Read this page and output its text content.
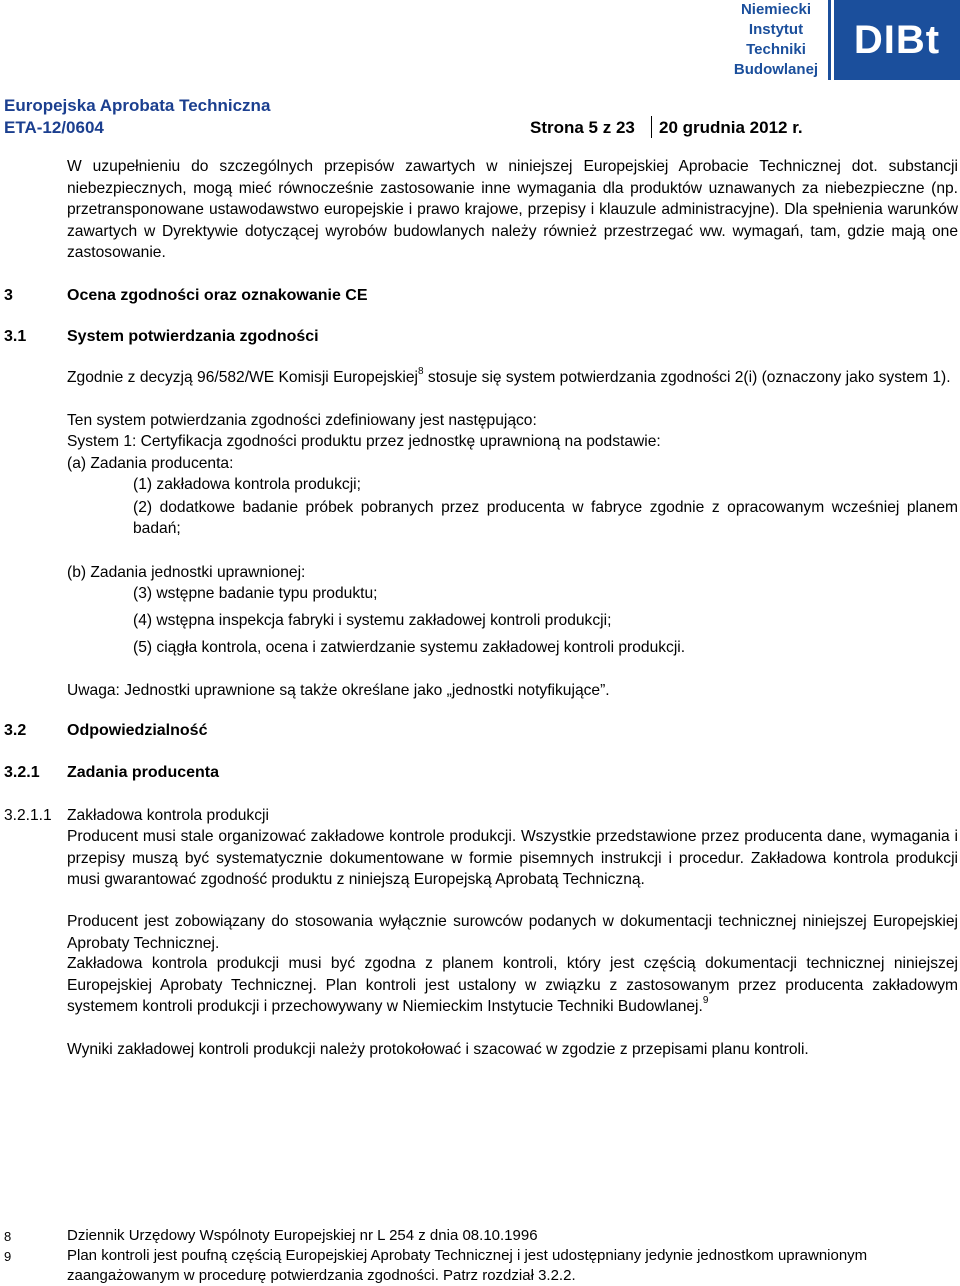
Niemiecki
Instytut
Techniki
Budowlanej
DIBt
Europejska Aprobata Techniczna
ETA-12/0604	Strona 5 z 23 20 grudnia 2012 r.
W uzupełnieniu do szczególnych przepisów zawartych w niniejszej Europejskiej Aprobacie Technicznej dot. substancji niebezpiecznych, mogą mieć równocześnie zastosowanie inne wymagania dla produktów uznawanych za niebezpieczne (np. przetransponowane ustawodawstwo europejskie i prawo krajowe, przepisy i klauzule administracyjne). Dla spełnienia warunków zawartych w Dyrektywie dotyczącej wyrobów budowlanych należy również przestrzegać ww. wymagań, tam, gdzie mają one zastosowanie.
3	Ocena zgodności oraz oznakowanie CE
3.1	System potwierdzania zgodności
Zgodnie z decyzją 96/582/WE Komisji Europejskiej$^8$ stosuje się system potwierdzania zgodności 2(i) (oznaczony jako system 1).
Ten system potwierdzania zgodności zdefiniowany jest następująco:
System 1: Certyfikacja zgodności produktu przez jednostkę uprawnioną na podstawie:
(a) Zadania producenta:
(1) zakładowa kontrola produkcji;
(2) dodatkowe badanie próbek pobranych przez producenta w fabryce zgodnie z opracowanym wcześniej planem badań;
(b) Zadania jednostki uprawnionej:
(3) wstępne badanie typu produktu;
(4) wstępna inspekcja fabryki i systemu zakładowej kontroli produkcji;
(5) ciągła kontrola, ocena i zatwierdzanie systemu zakładowej kontroli produkcji.
Uwaga: Jednostki uprawnione są także określane jako „jednostki notyfikujące”.
3.2	Odpowiedzialność
3.2.1 Zadania producenta
3.2.1.1 Zakładowa kontrola produkcji
Producent musi stale organizować zakładowe kontrole produkcji. Wszystkie przedstawione przez producenta dane, wymagania i przepisy muszą być systematycznie dokumentowane w formie pisemnych instrukcji i procedur. Zakładowa kontrola produkcji musi gwarantować zgodność produktu z niniejszą Europejską Aprobatą Techniczną.
Producent jest zobowiązany do stosowania wyłącznie surowców podanych w dokumentacji technicznej niniejszej Europejskiej Aprobaty Technicznej.
Zakładowa kontrola produkcji musi być zgodna z planem kontroli, który jest częścią dokumentacji technicznej niniejszej Europejskiej Aprobaty Technicznej. Plan kontroli jest ustalony w związku z zastosowanym przez producenta zakładowym systemem kontroli produkcji i przechowywany w Niemieckim Instytucie Techniki Budowlanej.$^9$
Wyniki zakładowej kontroli produkcji należy protokołować i szacować w zgodzie z przepisami planu kontroli.
8	Dziennik Urzędowy Wspólnoty Europejskiej nr L 254 z dnia 08.10.1996
9	Plan kontroli jest poufną częścią Europejskiej Aprobaty Technicznej i jest udostępniany jedynie jednostkom uprawnionym zaangażowanym w procedurę potwierdzania zgodności. Patrz rozdział 3.2.2.
